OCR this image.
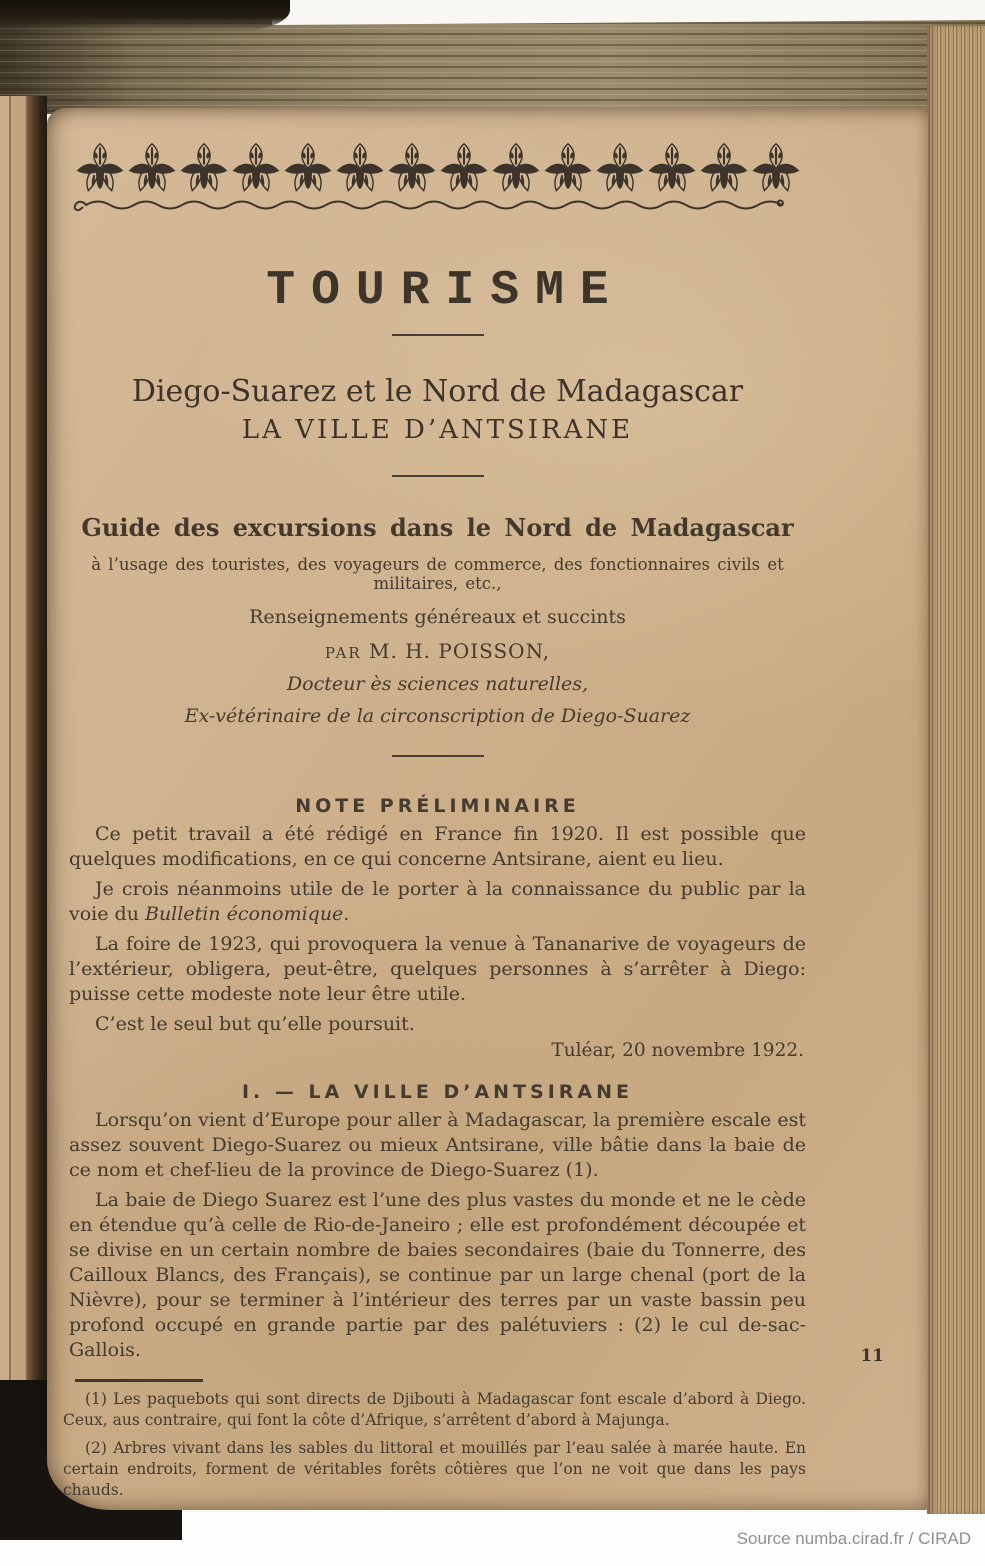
Source numba.cirad.fr / CIRAD
TOURISME
Diego-Suarez et le Nord de Madagascar
LA VILLE D’ANTSIRANE
Guide des excursions dans le Nord de Madagascar
à l’usage des touristes, des voyageurs de commerce, des fonctionnaires civils et militaires, etc.,
Renseignements généreaux et succints
PAR M. H. POISSON,
Docteur ès sciences naturelles,
Ex-vétérinaire de la circonscription de Diego-Suarez
NOTE PRÉLIMINAIRE

Ce petit travail a été rédigé en France fin 1920. Il est possible que quelques modifications, en ce qui concerne Antsirane, aient eu lieu.

Je crois néanmoins utile de le porter à la connaissance du public par la voie du Bulletin économique.

La foire de 1923, qui provoquera la venue à Tananarive de voyageurs de l’extérieur, obligera, peut-être, quelques personnes à s’arrêter à Diego: puisse cette modeste note leur être utile.

C’est le seul but qu’elle poursuit.

Tuléar, 20 novembre 1922.
I. — LA VILLE D’ANTSIRANE

Lorsqu’on vient d’Europe pour aller à Madagascar, la première escale est assez souvent Diego-Suarez ou mieux Antsirane, ville bâtie dans la baie de ce nom et chef-lieu de la province de Diego-Suarez (1).

La baie de Diego Suarez est l’une des plus vastes du monde et ne le cède en étendue qu’à celle de Rio-de-Janeiro ; elle est profondément découpée et se divise en un certain nombre de baies secondaires (baie du Tonnerre, des Cailloux Blancs, des Français), se continue par un large chenal (port de la Nièvre), pour se terminer à l’intérieur des terres par un vaste bassin peu profond occupé en grande partie par des palétuviers : (2) le cul de-sac-Gallois.

(1) Les paquebots qui sont directs de Djibouti à Madagascar font escale d’abord à Diego. Ceux, aus contraire, qui font la côte d’Afrique, s’arrêtent d’abord à Majunga.

(2) Arbres vivant dans les sables du littoral et mouillés par l’eau salée à marée haute. En certain endroits, forment de véritables forêts côtières que l’on ne voit que dans les pays chauds.

11
